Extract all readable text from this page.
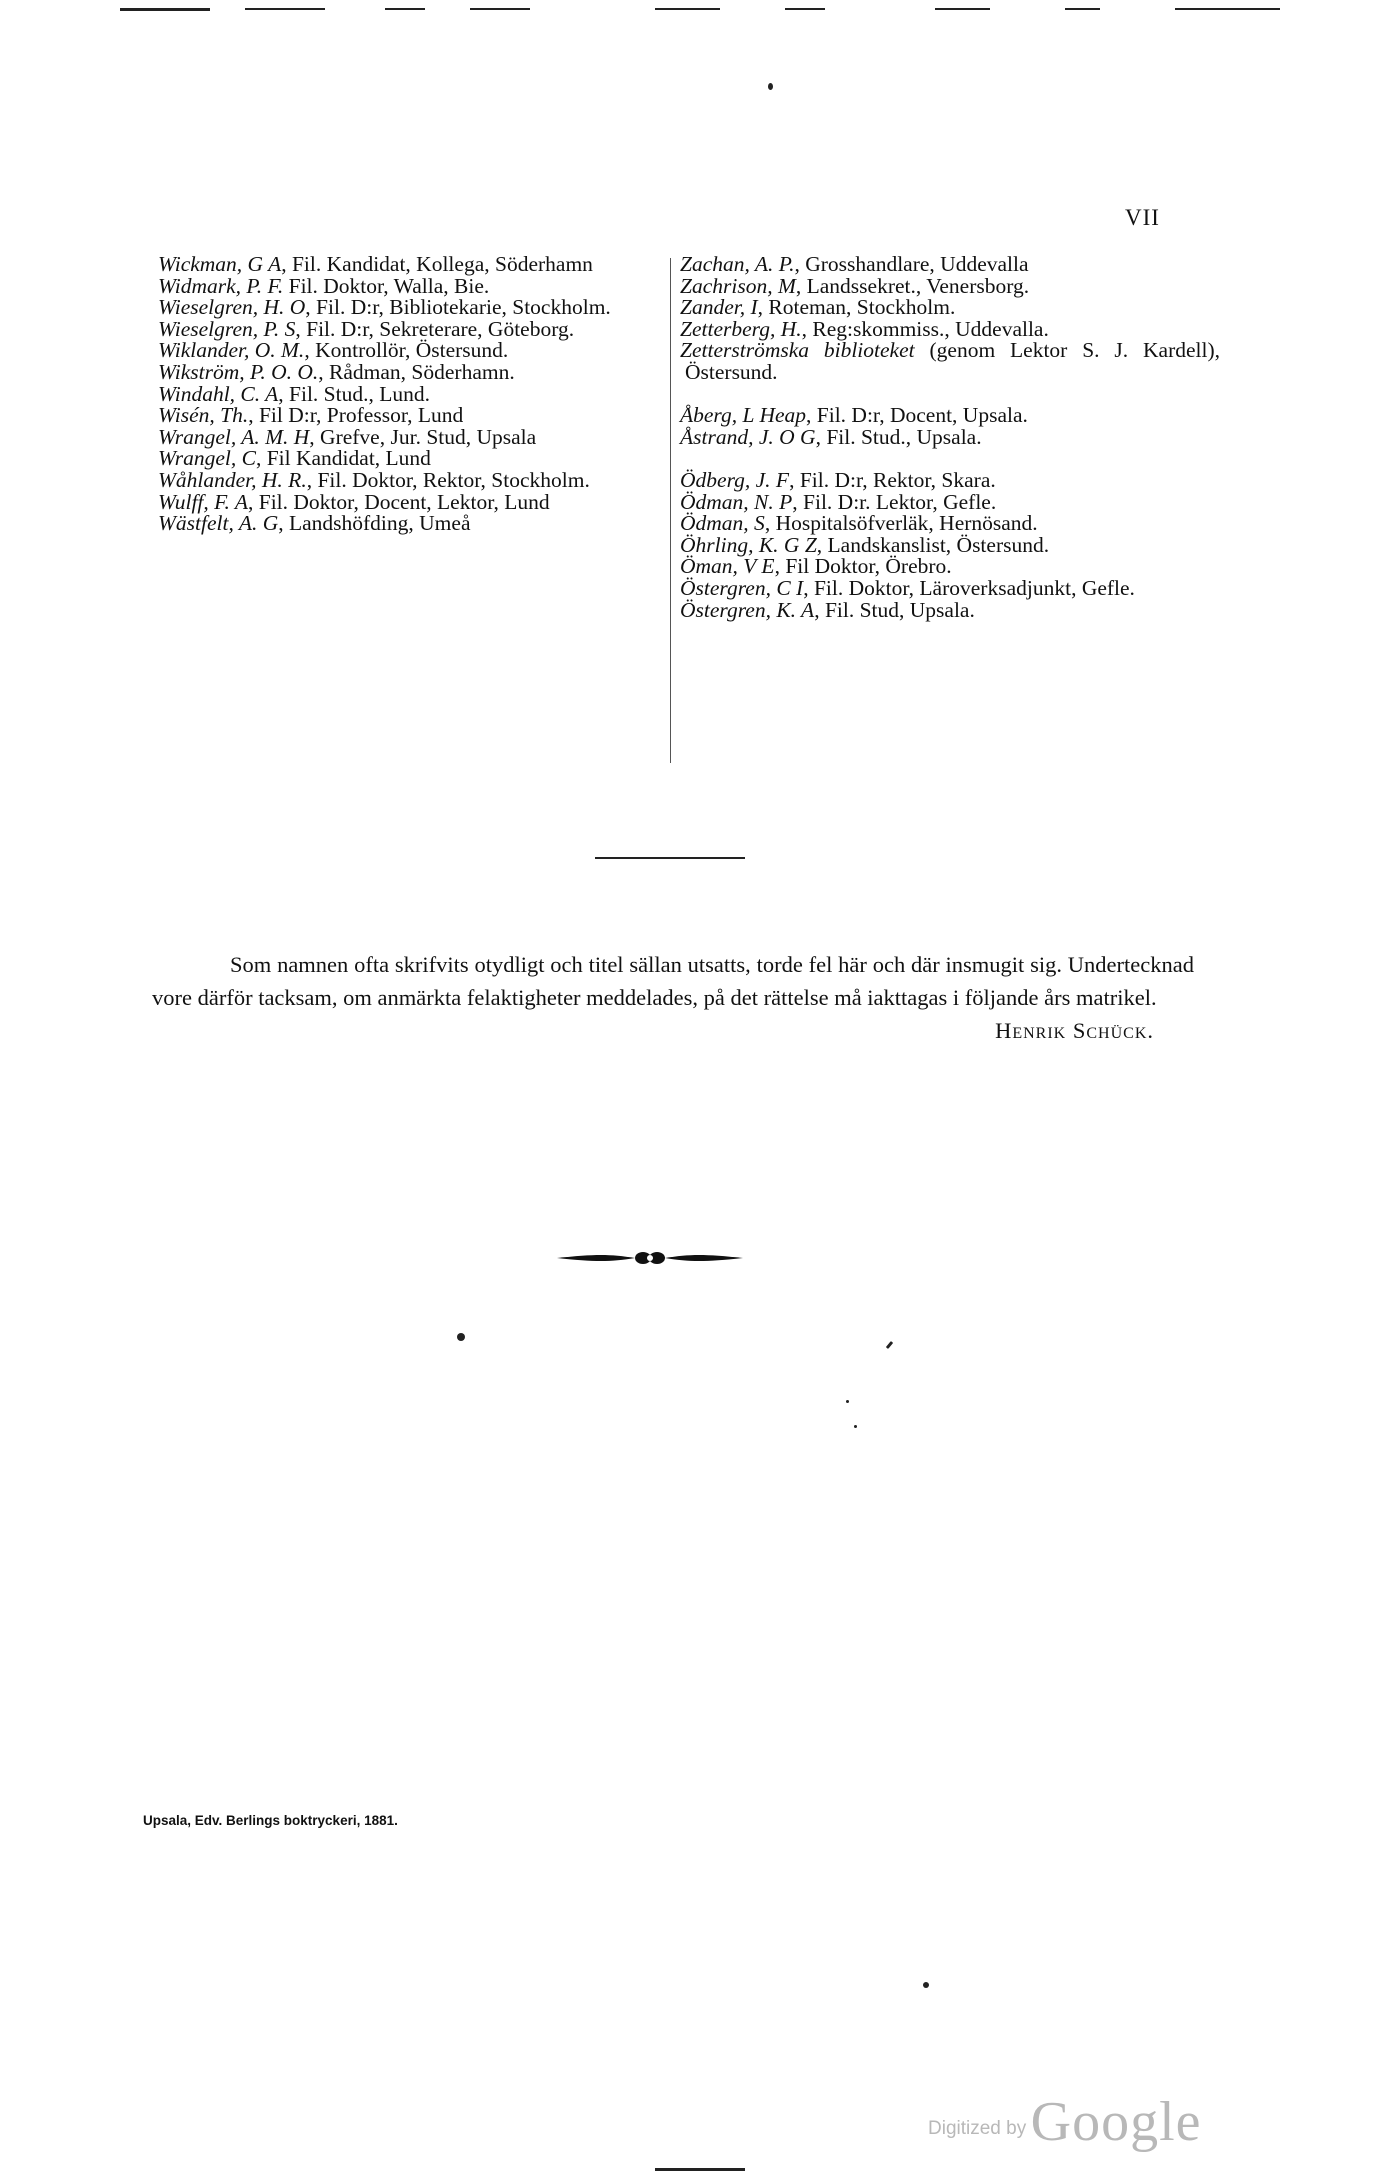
VII
Wickman, G A, Fil. Kandidat, Kollega, Söderhamn
Widmark, P. F. Fil. Doktor, Walla, Bie.
Wieselgren, H. O, Fil. D:r, Bibliotekarie, Stockholm.
Wieselgren, P. S, Fil. D:r, Sekreterare, Göteborg.
Wiklander, O. M., Kontrollör, Östersund.
Wikström, P. O. O., Rådman, Söderhamn.
Windahl, C. A, Fil. Stud., Lund.
Wisén, Th., Fil D:r, Professor, Lund
Wrangel, A. M. H, Grefve, Jur. Stud, Upsala
Wrangel, C, Fil Kandidat, Lund
Wåhlander, H. R., Fil. Doktor, Rektor, Stockholm.
Wulff, F. A, Fil. Doktor, Docent, Lektor, Lund
Wästfelt, A. G, Landshöfding, Umeå
Zachan, A. P., Grosshandlare, Uddevalla
Zachrison, M, Landssekret., Venersborg.
Zander, I, Roteman, Stockholm.
Zetterberg, H., Reg:skommiss., Uddevalla.
Zetterströmska biblioteket (genom Lektor S. J. Kardell), Östersund.
Åberg, L Heap, Fil. D:r, Docent, Upsala.
Åstrand, J. O G, Fil. Stud., Upsala.
Ödberg, J. F, Fil. D:r, Rektor, Skara.
Ödman, N. P, Fil. D:r. Lektor, Gefle.
Ödman, S, Hospitalsöfverläk, Hernösand.
Öhrling, K. G Z, Landskanslist, Östersund.
Öman, V E, Fil Doktor, Örebro.
Östergren, C I, Fil. Doktor, Läroverksadjunkt, Gefle.
Östergren, K. A, Fil. Stud, Upsala.

Som namnen ofta skrifvits otydligt och titel sällan utsatts, torde fel här och där insmugit sig. Undertecknad vore därför tacksam, om anmärkta felaktigheter meddelades, på det rättelse må iakttagas i följande års matrikel.

Henrik Schück.
Upsala, Edv. Berlings boktryckeri, 1881.
Digitized by Google
